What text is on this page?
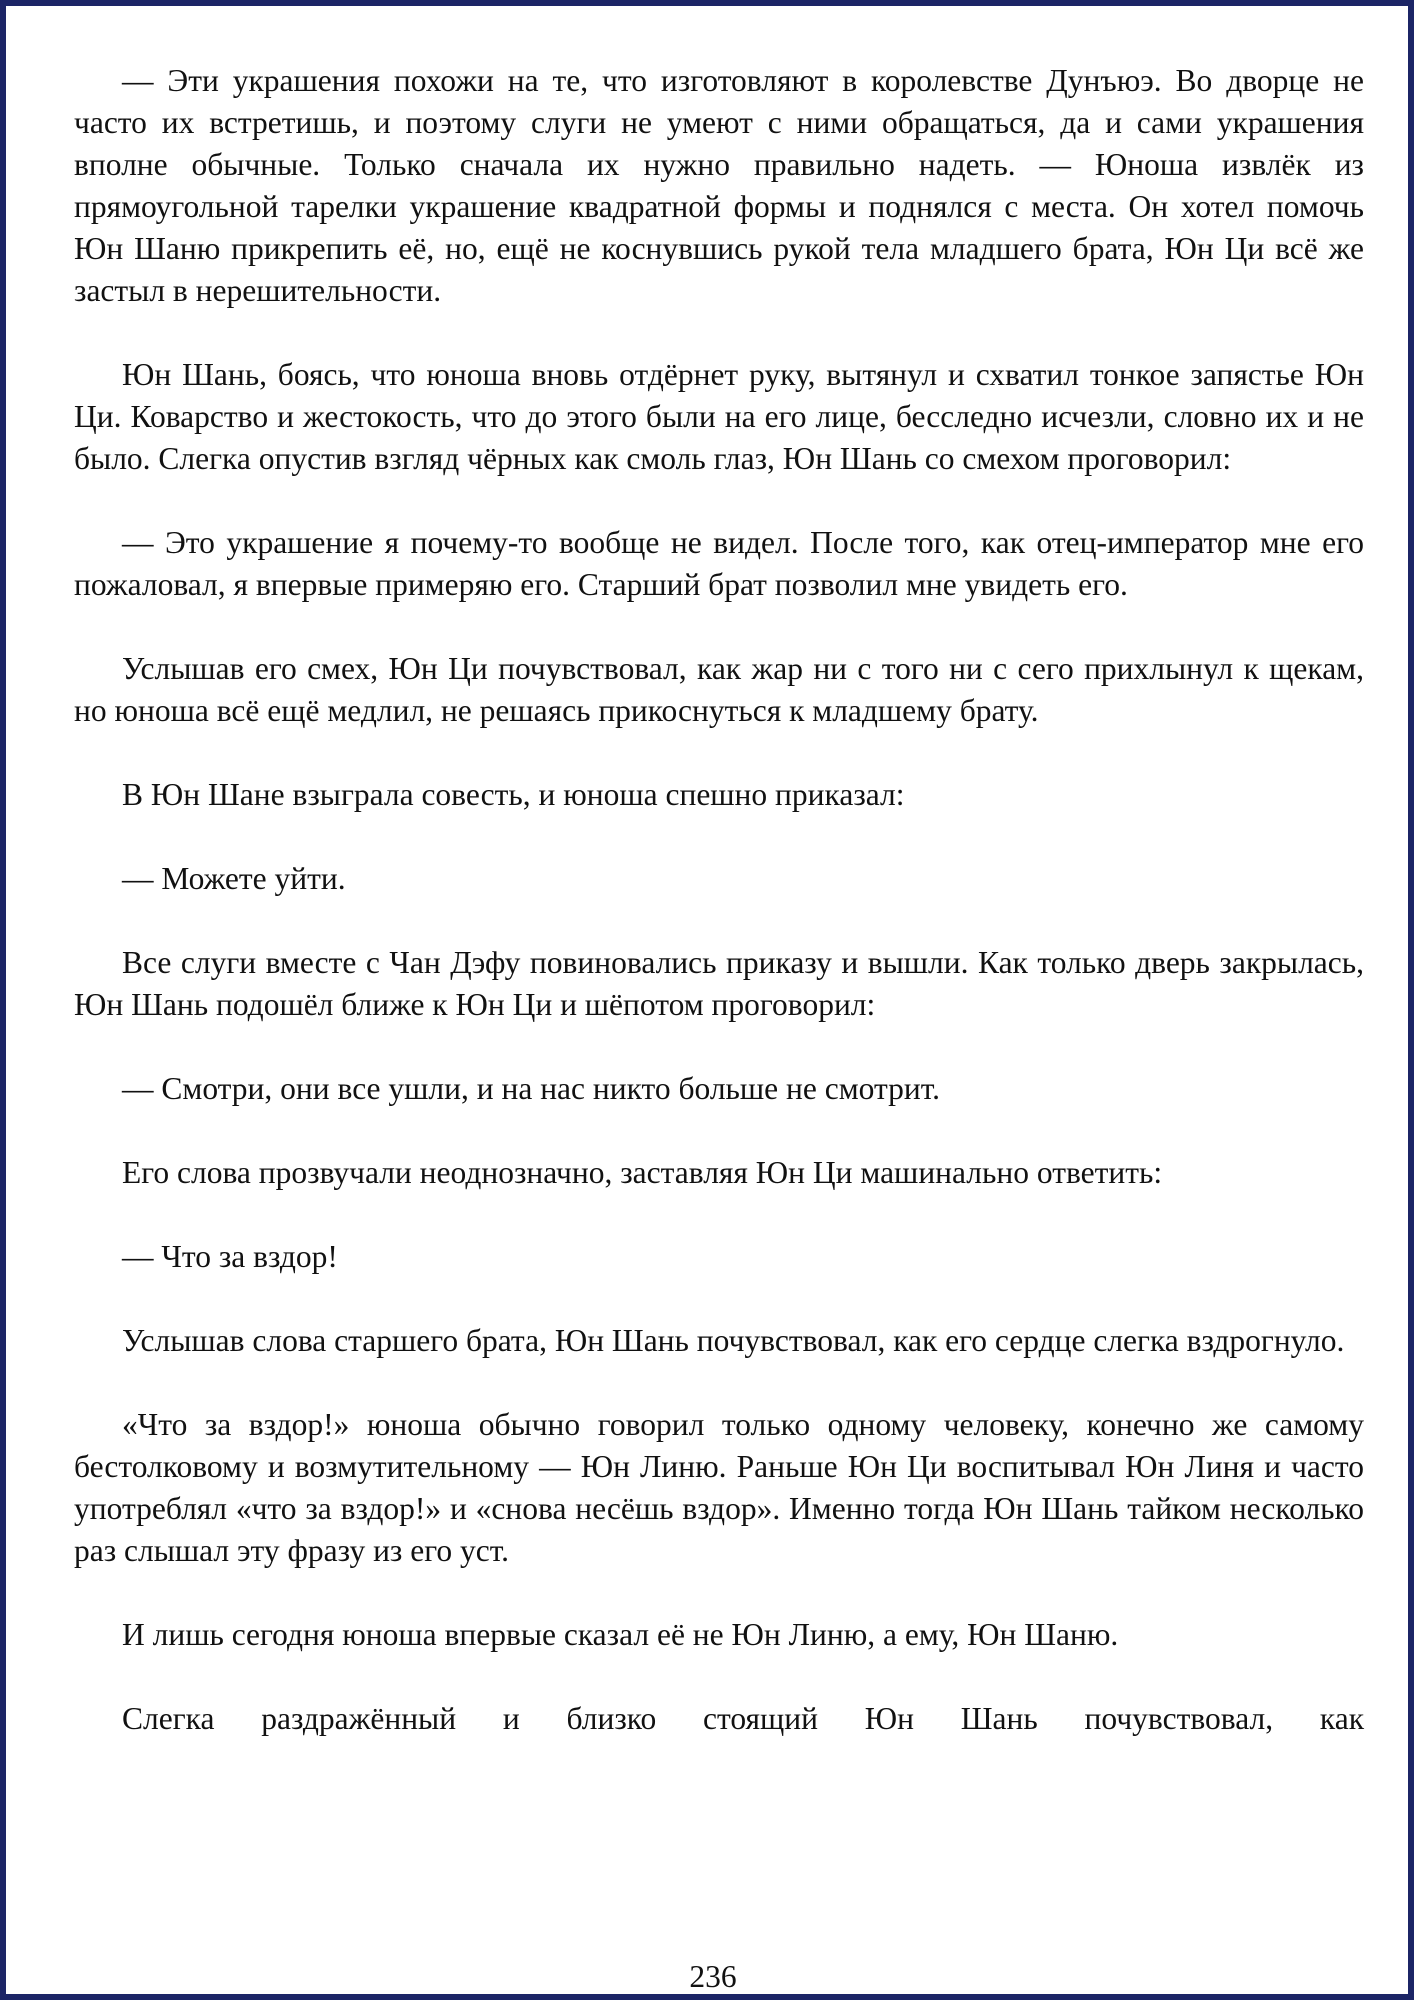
— Эти украшения похожи на те, что изготовляют в королевстве Дунъюэ. Во дворце не часто их встретишь, и поэтому слуги не умеют с ними обращаться, да и сами украшения вполне обычные. Только сначала их нужно правильно надеть. — Юноша извлёк из прямоугольной тарелки украшение квадратной формы и поднялся с места. Он хотел помочь Юн Шаню прикрепить её, но, ещё не коснувшись рукой тела младшего брата, Юн Ци всё же застыл в нерешительности.

Юн Шань, боясь, что юноша вновь отдёрнет руку, вытянул и схватил тонкое запястье Юн Ци. Коварство и жестокость, что до этого были на его лице, бесследно исчезли, словно их и не было. Слегка опустив взгляд чёрных как смоль глаз, Юн Шань со смехом проговорил:

— Это украшение я почему-то вообще не видел. После того, как отец-император мне его пожаловал, я впервые примеряю его. Старший брат позволил мне увидеть его.

Услышав его смех, Юн Ци почувствовал, как жар ни с того ни с сего прихлынул к щекам, но юноша всё ещё медлил, не решаясь прикоснуться к младшему брату.

В Юн Шане взыграла совесть, и юноша спешно приказал:

— Можете уйти.

Все слуги вместе с Чан Дэфу повиновались приказу и вышли. Как только дверь закрылась, Юн Шань подошёл ближе к Юн Ци и шёпотом проговорил:

— Смотри, они все ушли, и на нас никто больше не смотрит.

Его слова прозвучали неоднозначно, заставляя Юн Ци машинально ответить:

— Что за вздор!

Услышав слова старшего брата, Юн Шань почувствовал, как его сердце слегка вздрогнуло.

«Что за вздор!» юноша обычно говорил только одному человеку, конечно же самому бестолковому и возмутительному — Юн Линю. Раньше Юн Ци воспитывал Юн Линя и часто употреблял «что за вздор!» и «снова несёшь вздор». Именно тогда Юн Шань тайком несколько раз слышал эту фразу из его уст.

И лишь сегодня юноша впервые сказал её не Юн Линю, а ему, Юн Шаню.

Слегка раздражённый и близко стоящий Юн Шань почувствовал, как

236
